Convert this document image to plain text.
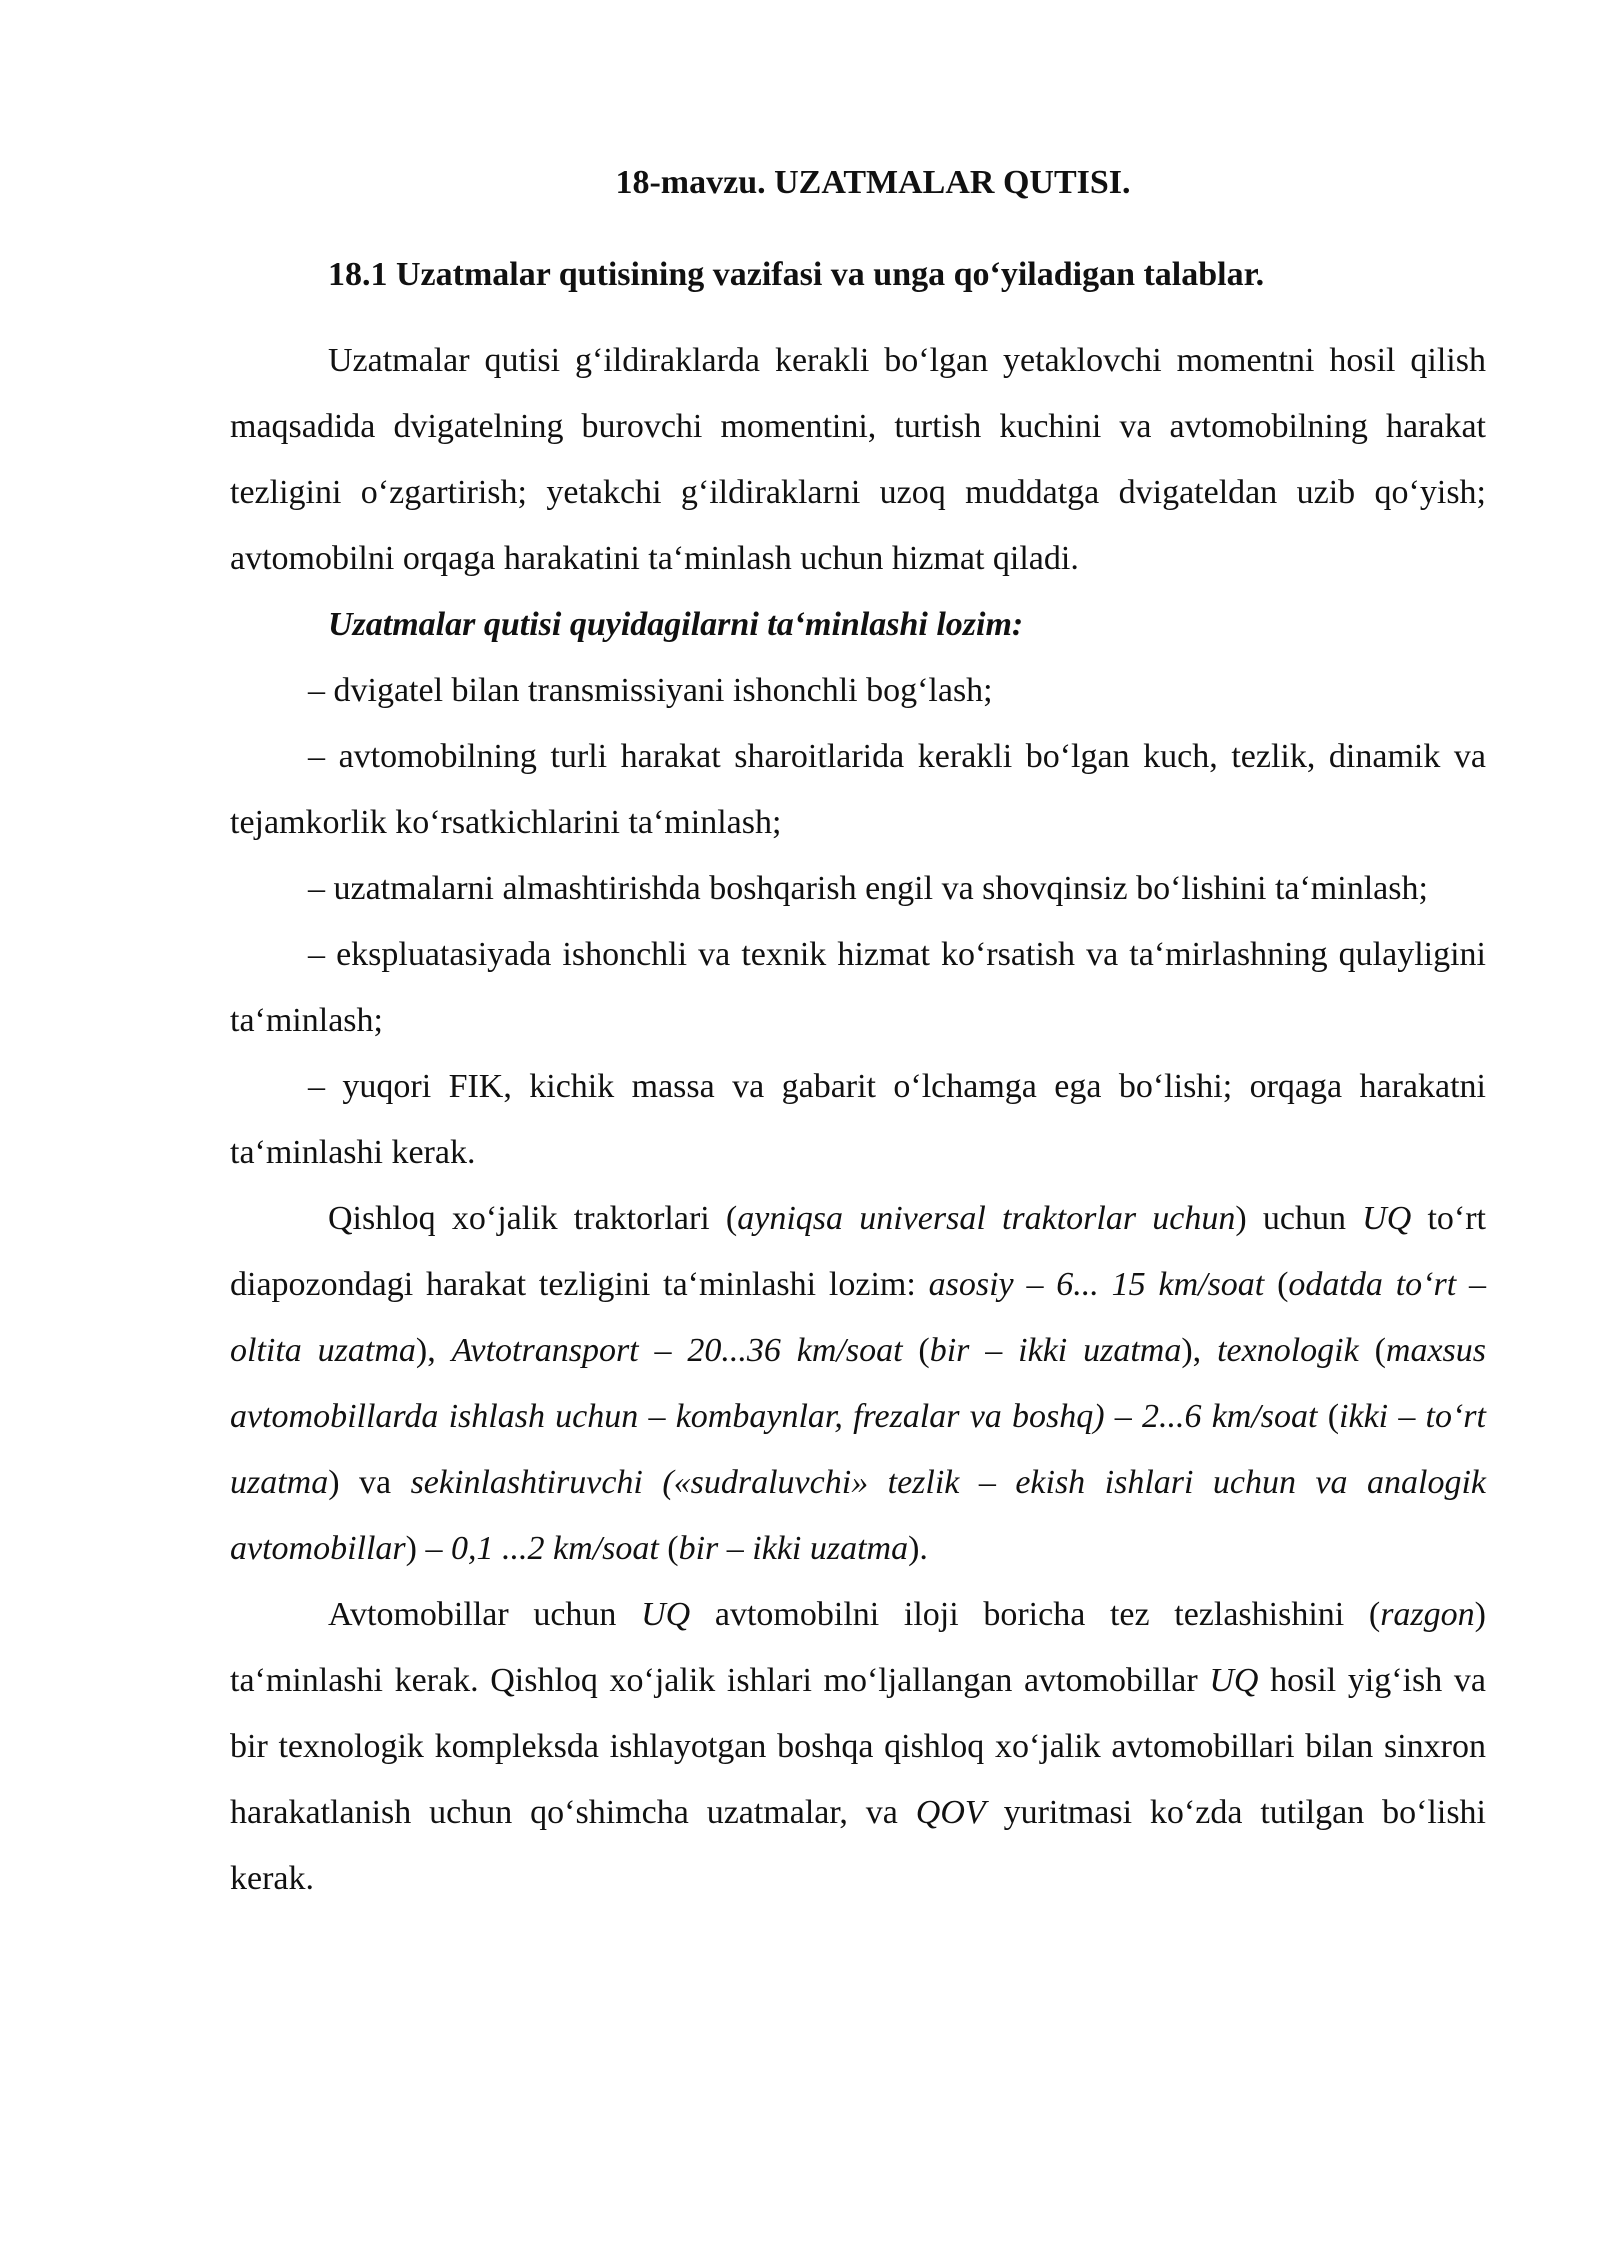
18-mavzu. UZATMALAR QUTISI.
18.1 Uzatmalar qutisining vazifasi va unga qo‘yiladigan talablar.

Uzatmalar qutisi g‘ildiraklarda kerakli bo‘lgan yetaklovchi momentni hosil qilish maqsadida dvigatelning burovchi momentini, turtish kuchini va avtomobilning harakat tezligini o‘zgartirish; yetakchi g‘ildiraklarni uzoq muddatga dvigateldan uzib qo‘yish; avtomobilni orqaga harakatini ta‘minlash uchun hizmat qiladi.

Uzatmalar qutisi quyidagilarni ta‘minlashi lozim:

– dvigatel bilan transmissiyani ishonchli bog‘lash;

– avtomobilning turli harakat sharoitlarida kerakli bo‘lgan kuch, tezlik, dinamik va tejamkorlik ko‘rsatkichlarini ta‘minlash;

– uzatmalarni almashtirishda boshqarish engil va shovqinsiz bo‘lishini ta‘minlash;

– ekspluatasiyada ishonchli va texnik hizmat ko‘rsatish va ta‘mirlashning qulayligini ta‘minlash;

– yuqori FIK, kichik massa va gabarit o‘lchamga ega bo‘lishi; orqaga harakatni ta‘minlashi kerak.

Qishloq xo‘jalik traktorlari (ayniqsa universal traktorlar uchun) uchun UQ to‘rt diapozondagi harakat tezligini ta‘minlashi lozim: asosiy – 6... 15 km/soat (odatda to‘rt – oltita uzatma), Avtotransport – 20...36 km/soat (bir – ikki uzatma), texnologik (maxsus avtomobillarda ishlash uchun – kombaynlar, frezalar va boshq) – 2...6 km/soat (ikki – to‘rt uzatma) va sekinlashtiruvchi («sudraluvchi» tezlik – ekish ishlari uchun va analogik avtomobillar) – 0,1 ...2 km/soat (bir – ikki uzatma).

Avtomobillar uchun UQ avtomobilni iloji boricha tez tezlashishini (razgon) ta‘minlashi kerak. Qishloq xo‘jalik ishlari mo‘ljallangan avtomobillar UQ hosil yig‘ish va bir texnologik kompleksda ishlayotgan boshqa qishloq xo‘jalik avtomobillari bilan sinxron harakatlanish uchun qo‘shimcha uzatmalar, va QOV yuritmasi ko‘zda tutilgan bo‘lishi kerak.
